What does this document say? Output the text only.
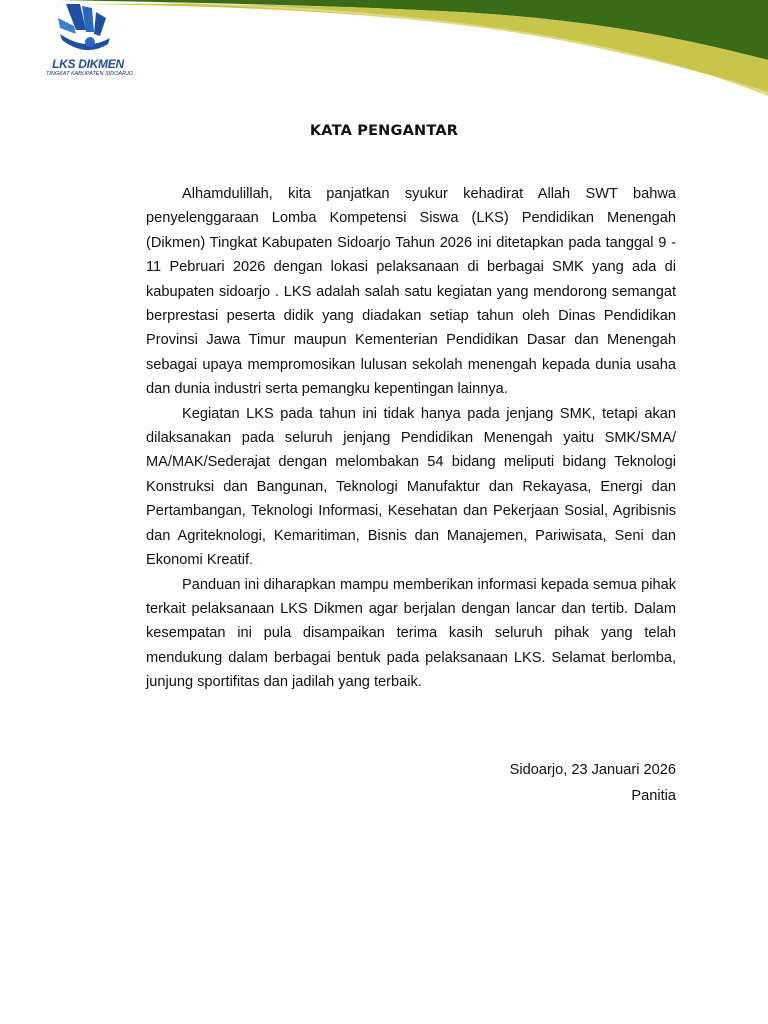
LKS DIKMEN
TINGKAT KABUPATEN SIDOARJO
KATA PENGANTAR

Alhamdulillah, kita panjatkan syukur kehadirat Allah SWT bahwa penyelenggaraan Lomba Kompetensi Siswa (LKS) Pendidikan Menengah (Dikmen) Tingkat Kabupaten Sidoarjo Tahun 2026 ini ditetapkan pada tanggal 9 - 11 Pebruari 2026 dengan lokasi pelaksanaan di berbagai SMK yang ada di kabupaten sidoarjo . LKS adalah salah satu kegiatan yang mendorong semangat berprestasi peserta didik yang diadakan setiap tahun oleh Dinas Pendidikan Provinsi Jawa Timur maupun Kementerian Pendidikan Dasar dan Menengah sebagai upaya mempromosikan lulusan sekolah menengah kepada dunia usaha dan dunia industri serta pemangku kepentingan lainnya.

Kegiatan LKS pada tahun ini tidak hanya pada jenjang SMK, tetapi akan dilaksanakan pada seluruh jenjang Pendidikan Menengah yaitu SMK/SMA/ MA/MAK/Sederajat dengan melombakan 54 bidang meliputi bidang Teknologi Konstruksi dan Bangunan, Teknologi Manufaktur dan Rekayasa, Energi dan Pertambangan, Teknologi Informasi, Kesehatan dan Pekerjaan Sosial, Agribisnis dan Agriteknologi, Kemaritiman, Bisnis dan Manajemen, Pariwisata, Seni dan Ekonomi Kreatif.

Panduan ini diharapkan mampu memberikan informasi kepada semua pihak terkait pelaksanaan LKS Dikmen agar berjalan dengan lancar dan tertib. Dalam kesempatan ini pula disampaikan terima kasih seluruh pihak yang telah mendukung dalam berbagai bentuk pada pelaksanaan LKS. Selamat berlomba, junjung sportifitas dan jadilah yang terbaik.

Sidoarjo, 23 Januari 2026
Panitia
